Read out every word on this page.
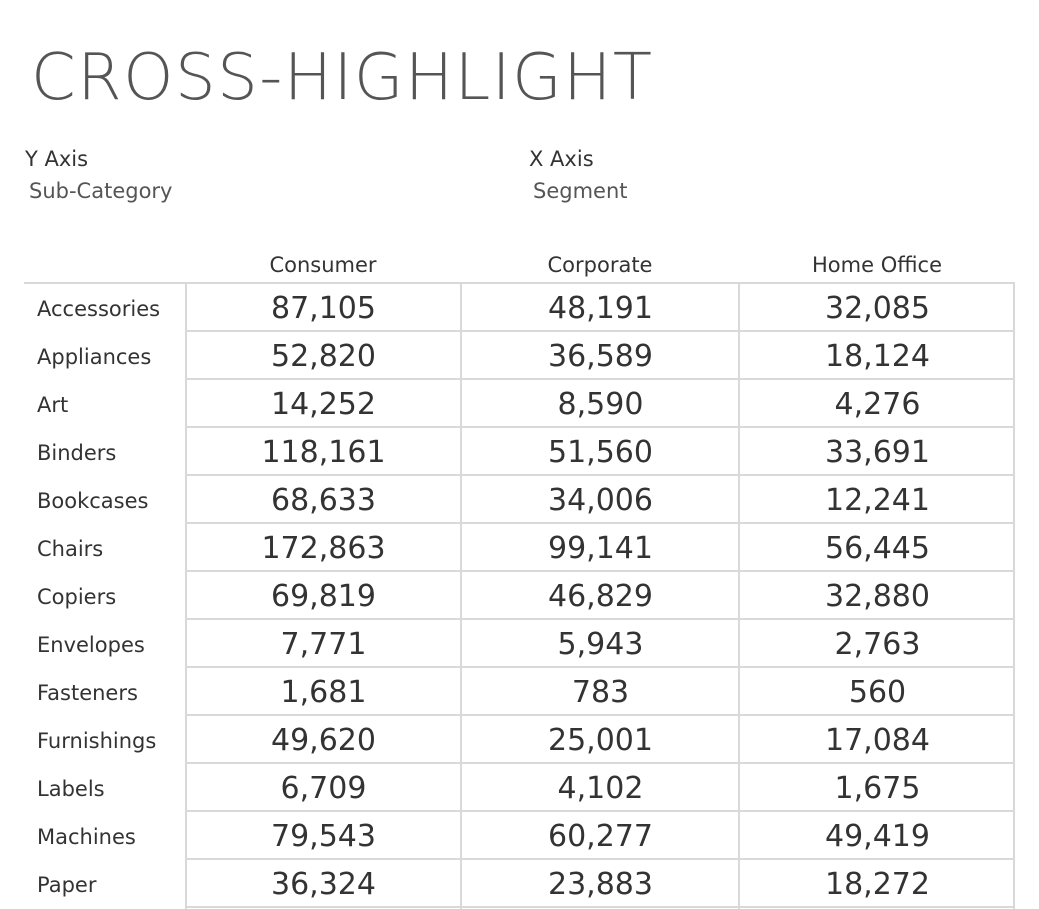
CROSS-HIGHLIGHT
Y Axis
Sub-Category
X Axis
Segment
Consumer	Corporate	Home Office
Accessories	87,105	48,191	32,085
Appliances	52,820	36,589	18,124
Art	14,252	8,590	4,276
Binders	118,161	51,560	33,691
Bookcases	68,633	34,006	12,241
Chairs	172,863	99,141	56,445
Copiers	69,819	46,829	32,880
Envelopes	7,771	5,943	2,763
Fasteners	1,681	783	560
Furnishings	49,620	25,001	17,084
Labels	6,709	4,102	1,675
Machines	79,543	60,277	49,419
Paper	36,324	23,883	18,272
